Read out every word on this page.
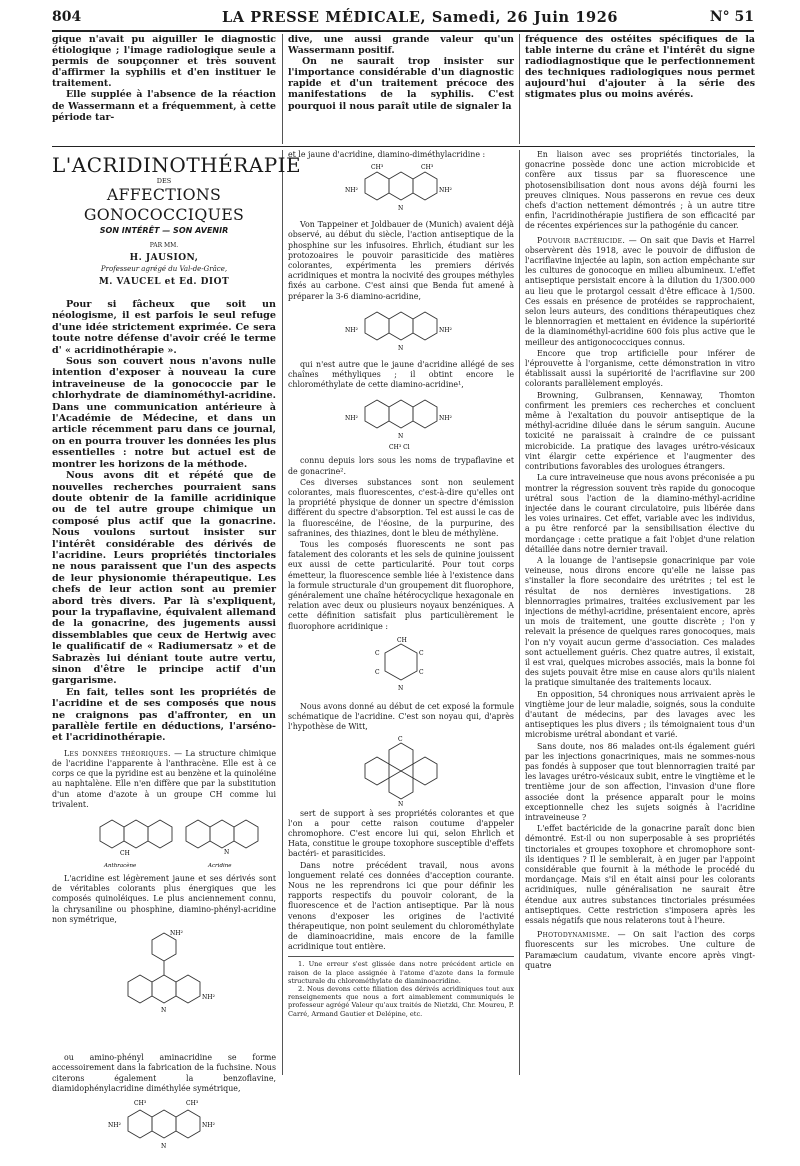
804	LA PRESSE MÉDICALE, Samedi, 26 Juin 1926	N° 51

gique n'avait pu aiguiller le diagnostic étiologique ; l'image radiologique seule a permis de soupçonner et très souvent d'affirmer la syphilis et d'en instituer le traitement.

Elle supplée à l'absence de la réaction de Wassermann et a fréquemment, à cette période tar-

dive, une aussi grande valeur qu'un Wassermann positif.

On ne saurait trop insister sur l'importance considérable d'un diagnostic rapide et d'un traitement précoce des manifestations de la syphilis. C'est pourquoi il nous paraît utile de signaler la

fréquence des ostéites spécifiques de la table interne du crâne et l'intérêt du signe radiodiagnostique que le perfectionnement des techniques radiologiques nous permet aujourd'hui d'ajouter à la série des stigmates plus ou moins avérés.

L'ACRIDINOTHÉRAPIE
DES
AFFECTIONS GONOCOCCIQUES
SON INTÉRÊT — SON AVENIR
PAR MM.
H. JAUSION,
Professeur agrégé du Val-de-Grâce,
M. VAUCEL et Ed. DIOT

Pour si fâcheux que soit un néologisme, il est parfois le seul refuge d'une idée strictement exprimée. Ce sera toute notre défense d'avoir créé le terme d' « acridinothérapie ».

Sous son couvert nous n'avons nulle intention d'exposer à nouveau la cure intraveineuse de la gonococcie par le chlorhydrate de diaminométhyl-acridine. Dans une communication antérieure à l'Académie de Médecine, et dans un article récemment paru dans ce journal, on en pourra trouver les données les plus essentielles : notre but actuel est de montrer les horizons de la méthode.

Nous avons dit et répété que de nouvelles recherches pourraient sans doute obtenir de la famille acridinique ou de tel autre groupe chimique un composé plus actif que la gonacrine. Nous voulons surtout insister sur l'intérêt considérable des dérivés de l'acridine. Leurs propriétés tinctoriales ne nous paraissent que l'un des aspects de leur physionomie thérapeutique. Les chefs de leur action sont au premier abord très divers. Par là s'expliquent, pour la trypaflavine, équivalent allemand de la gonacrine, des jugements aussi dissemblables que ceux de Hertwig avec le qualificatif de « Radiumersatz » et de Sabrazès lui déniant toute autre vertu, sinon d'être le principe actif d'un gargarisme.

En fait, telles sont les propriétés de l'acridine et de ses composés que nous ne craignons pas d'affronter, en un parallèle fertile en déductions, l'arséno- et l'acridinothérapie.

Les données théoriques. — La structure chimique de l'acridine l'apparente à l'anthracène. Elle est à ce corps ce que la pyridine est au benzène et la quinoléine au naphtalène. Elle n'en diffère que par la substitution d'un atome d'azote à un groupe CH comme lui trivalent.

CH	N
Anthracène	Acridine

L'acridine est légèrement jaune et ses dérivés sont de véritables colorants plus énergiques que les composés quinoléiques. Le plus anciennement connu, la chrysaniline ou phosphine, diamino-phényl-acridine non symétrique,

NH²
NH²
N

ou amino-phényl aminacridine se forme accessoirement dans la fabrication de la fuchsine. Nous citerons également la benzoflavine, diamidophénylacridine diméthylée symétrique,

CH³	CH³
NH²	NH²
N

et le jaune d'acridine, diamino-diméthylacridine :

CH³	CH³
NH²	NH²
N

Von Tappeiner et Joldbauer de (Munich) avaient déjà observé, au début du siècle, l'action antiseptique de la phosphine sur les infusoires. Ehrlich, étudiant sur les protozoaires le pouvoir parasiticide des matières colorantes, expérimenta les premiers dérivés acridiniques et montra la nocivité des groupes méthyles fixés au carbone. C'est ainsi que Benda fut amené à préparer la 3-6 diamino-acridine,

NH²	NH²
N

qui n'est autre que le jaune d'acridine allégé de ses chaînes méthyliques ; il obtint encore le chlorométhylate de cette diamino-acridine¹,

NH²	NH²
N
CH³ Cl

connu depuis lors sous les noms de trypaflavine et de gonacrine².

Ces diverses substances sont non seulement colorantes, mais fluorescentes, c'est-à-dire qu'elles ont la propriété physique de donner un spectre d'émission différent du spectre d'absorption. Tel est aussi le cas de la fluorescéine, de l'éosine, de la purpurine, des safranines, des thiazines, dont le bleu de méthylène.

Tous les composés fluorescents ne sont pas fatalement des colorants et les sels de quinine jouissent eux aussi de cette particularité. Pour tout corps émetteur, la fluorescence semble liée à l'existence dans la formule structurale d'un groupement dit fluorophore, généralement une chaîne hétérocyclique hexagonale en relation avec deux ou plusieurs noyaux benzéniques. A cette définition satisfait plus particulièrement le fluorophore acridinique :

CH
C	C
C	C
N

Nous avons donné au début de cet exposé la formule schématique de l'acridine. C'est son noyau qui, d'après l'hypothèse de Witt,

C
N

sert de support à ses propriétés colorantes et que l'on a pour cette raison coutume d'appeler chromophore. C'est encore lui qui, selon Ehrlich et Hata, constitue le groupe toxophore susceptible d'effets bactéri- et parasiticides.

Dans notre précédent travail, nous avons longuement relaté ces données d'acception courante. Nous ne les reprendrons ici que pour définir les rapports respectifs du pouvoir colorant, de la fluorescence et de l'action antiseptique. Par là nous venons d'exposer les origines de l'activité thérapeutique, non point seulement du chlorométhylate de diaminoacridine, mais encore de la famille acridinique tout entière.

1. Une erreur s'est glissée dans notre précédent article en raison de la place assignée à l'atome d'azote dans la formule structurale du chlorométhylate de diaminoacridine.

2. Nous devons cette filiation des dérivés acridiniques tout aux renseignements que nous a fort aimablement communiqués le professeur agrégé Valeur qu'aux traités de Nietzki, Chr. Moureu, P. Carré, Armand Gautier et Delépine, etc.

En liaison avec ses propriétés tinctoriales, la gonacrine possède donc une action microbicide et confère aux tissus par sa fluorescence une photosensibilisation dont nous avons déjà fourni les preuves cliniques. Nous passerons en revue ces deux chefs d'action nettement démontrés ; à un autre titre enfin, l'acridinothérapie justifiera de son efficacité par de récentes expériences sur la pathogénie du cancer.

Pouvoir bactéricide. — On sait que Davis et Harrel observèrent dès 1918, avec le pouvoir de diffusion de l'acriflavine injectée au lapin, son action empêchante sur les cultures de gonocoque en milieu albumineux. L'effet antiseptique persistait encore à la dilution du 1/300.000 au lieu que le protargol cessait d'être efficace à 1/500. Ces essais en présence de protéides se rapprochaient, selon leurs auteurs, des conditions thérapeutiques chez le blennorragien et mettaient en évidence la supériorité de la diaminométhyl-acridine 600 fois plus active que le meilleur des antigonococciques connus.

Encore que trop artificielle pour inférer de l'éprouvette à l'organisme, cette démonstration in vitro établissait aussi la supériorité de l'acriflavine sur 200 colorants parallèlement employés.

Browning, Gulbransen, Kennaway, Thomton confirment les premiers ces recherches et concluent même à l'exaltation du pouvoir antiseptique de la méthyl-acridine diluée dans le sérum sanguin. Aucune toxicité ne paraissait à craindre de ce puissant microbicide. La pratique des lavages urétro-vésicaux vint élargir cette expérience et l'augmenter des contributions favorables des urologues étrangers.

La cure intraveineuse que nous avons préconisée a pu montrer la régression souvent très rapide du gonocoque urétral sous l'action de la diamino-méthyl-acridine injectée dans le courant circulatoire, puis libérée dans les voies urinaires. Cet effet, variable avec les individus, a pu être renforcé par la sensibilisation élective du mordançage : cette pratique a fait l'objet d'une relation détaillée dans notre dernier travail.

A la louange de l'antisepsie gonacrinique par voie veineuse, nous dirons encore qu'elle ne laisse pas s'installer la flore secondaire des urétrites ; tel est le résultat de nos dernières investigations. 28 blennorragies primaires, traitées exclusivement par les injections de méthyl-acridine, présentaient encore, après un mois de traitement, une goutte discrète ; l'on y relevait la présence de quelques rares gonocoques, mais l'on n'y voyait aucun germe d'association. Ces malades sont actuellement guéris. Chez quatre autres, il existait, il est vrai, quelques microbes associés, mais la bonne foi des sujets pouvait être mise en cause alors qu'ils niaient la pratique simultanée des traitements locaux.

En opposition, 54 chroniques nous arrivaient après le vingtième jour de leur maladie, soignés, sous la conduite d'autant de médecins, par des lavages avec les antiseptiques les plus divers ; ils témoignaient tous d'un microbisme urétral abondant et varié.

Sans doute, nos 86 malades ont-ils également guéri par les injections gonacriniques, mais ne sommes-nous pas fondés à supposer que tout blennorragien traité par les lavages urétro-vésicaux subit, entre le vingtième et le trentième jour de son affection, l'invasion d'une flore associée dont la présence apparaît pour le moins exceptionnelle chez les sujets soignés à l'acridine intraveineuse ?

L'effet bactéricide de la gonacrine paraît donc bien démontré. Est-il ou non superposable à ses propriétés tinctoriales et groupes toxophore et chromophore sont-ils identiques ? Il le semblerait, à en juger par l'appoint considérable que fournit à la méthode le procédé du mordançage. Mais s'il en était ainsi pour les colorants acridiniques, nulle généralisation ne saurait être étendue aux autres substances tinctoriales présumées antiseptiques. Cette restriction s'imposera après les essais négatifs que nous relaterons tout à l'heure.

Photodynamisme. — On sait l'action des corps fluorescents sur les microbes. Une culture de Paramæcium caudatum, vivante encore après vingt-quatre
